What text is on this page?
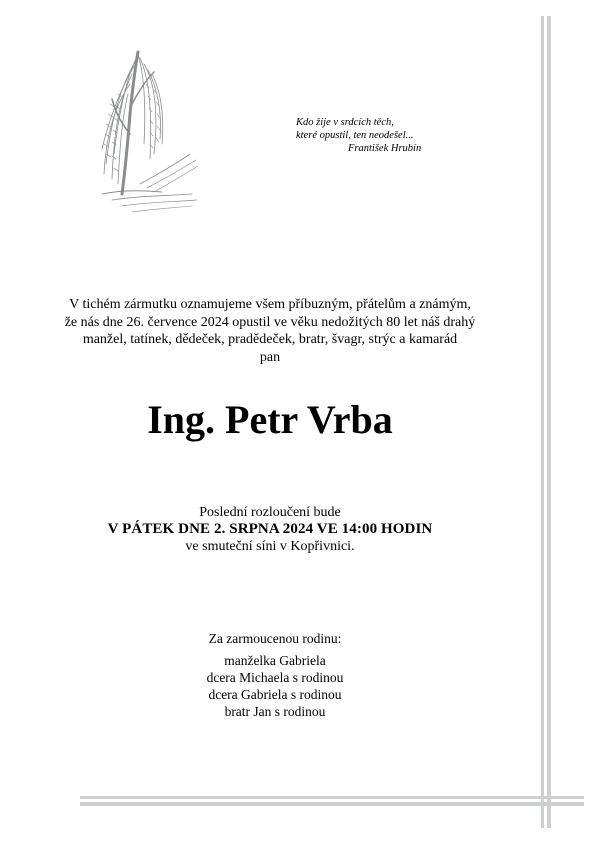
Kdo žije v srdcích těch,
které opustil, ten neodešel...

František Hrubín
V tichém zármutku oznamujeme všem příbuzným, přátelům a známým,
že nás dne 26. července 2024 opustil ve věku nedožitých 80 let náš drahý
manžel, tatínek, dědeček, pradědeček, bratr, švagr, strýc a kamarád
pan
Ing. Petr Vrba
Poslední rozloučení bude
V PÁTEK DNE 2. SRPNA 2024 VE 14:00 HODIN
ve smuteční síni v Kopřivnici.
Za zarmoucenou rodinu:
manželka Gabriela
dcera Michaela s rodinou
dcera Gabriela s rodinou
bratr Jan s rodinou
